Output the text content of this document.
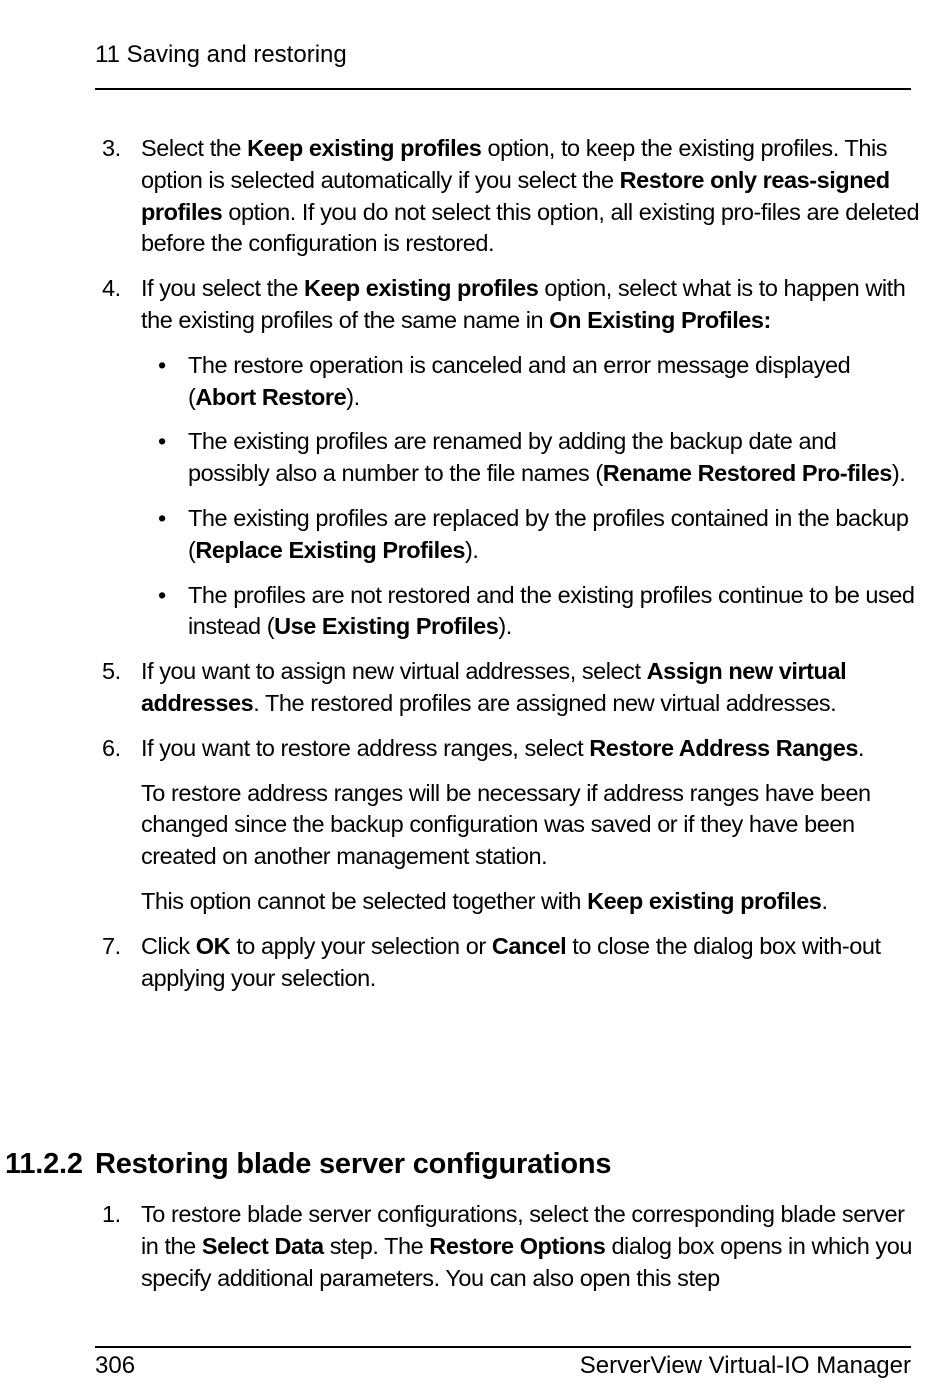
11 Saving and restoring
3. Select the Keep existing profiles option, to keep the existing profiles. This option is selected automatically if you select the Restore only reas-signed profiles option. If you do not select this option, all existing pro-files are deleted before the configuration is restored.
4. If you select the Keep existing profiles option, select what is to happen with the existing profiles of the same name in On Existing Profiles:
• The restore operation is canceled and an error message displayed (Abort Restore).
• The existing profiles are renamed by adding the backup date and possibly also a number to the file names (Rename Restored Pro-files).
• The existing profiles are replaced by the profiles contained in the backup (Replace Existing Profiles).
• The profiles are not restored and the existing profiles continue to be used instead (Use Existing Profiles).
5. If you want to assign new virtual addresses, select Assign new virtual addresses. The restored profiles are assigned new virtual addresses.
6. If you want to restore address ranges, select Restore Address Ranges.
To restore address ranges will be necessary if address ranges have been changed since the backup configuration was saved or if they have been created on another management station.
This option cannot be selected together with Keep existing profiles.
7. Click OK to apply your selection or Cancel to close the dialog box with-out applying your selection.
11.2.2 Restoring blade server configurations
1. To restore blade server configurations, select the corresponding blade server in the Select Data step. The Restore Options dialog box opens in which you specify additional parameters. You can also open this step
306	ServerView Virtual-IO Manager
